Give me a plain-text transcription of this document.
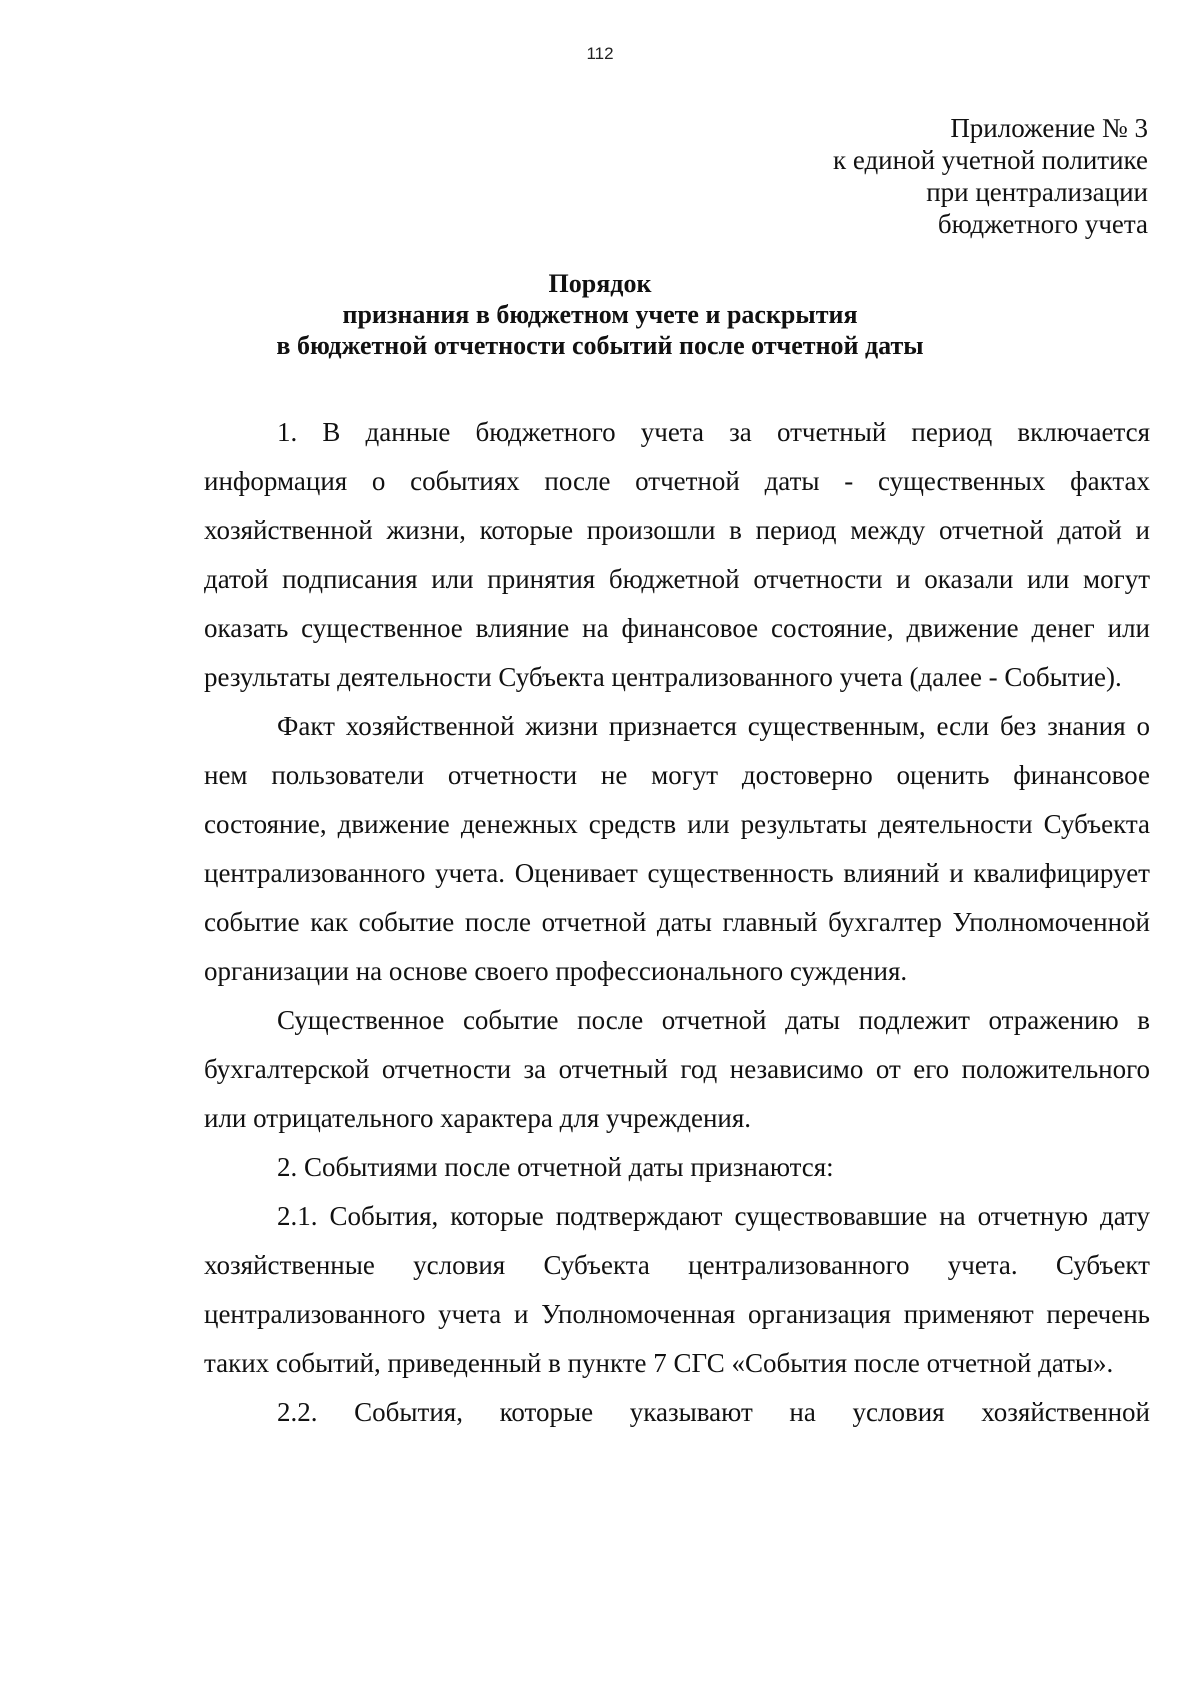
112
Приложение № 3
к единой учетной политике
при централизации
бюджетного учета
Порядок
признания в бюджетном учете и раскрытия
в бюджетной отчетности событий после отчетной даты

1. В данные бюджетного учета за отчетный период включается информация о событиях после отчетной даты - существенных фактах хозяйственной жизни, которые произошли в период между отчетной датой и датой подписания или принятия бюджетной отчетности и оказали или могут оказать существенное влияние на финансовое состояние, движение денег или результаты деятельности Субъекта централизованного учета (далее - Событие).

Факт хозяйственной жизни признается существенным, если без знания о нем пользователи отчетности не могут достоверно оценить финансовое состояние, движение денежных средств или результаты деятельности Субъекта централизованного учета. Оценивает существенность влияний и квалифицирует событие как событие после отчетной даты главный бухгалтер Уполномоченной организации на основе своего профессионального суждения.

Существенное событие после отчетной даты подлежит отражению в бухгалтерской отчетности за отчетный год независимо от его положительного или отрицательного характера для учреждения.

2. Событиями после отчетной даты признаются:

2.1. События, которые подтверждают существовавшие на отчетную дату хозяйственные условия Субъекта централизованного учета. Субъект централизованного учета и Уполномоченная организация применяют перечень таких событий, приведенный в пункте 7 СГС «События после отчетной даты».

2.2. События, которые указывают на условия хозяйственной
